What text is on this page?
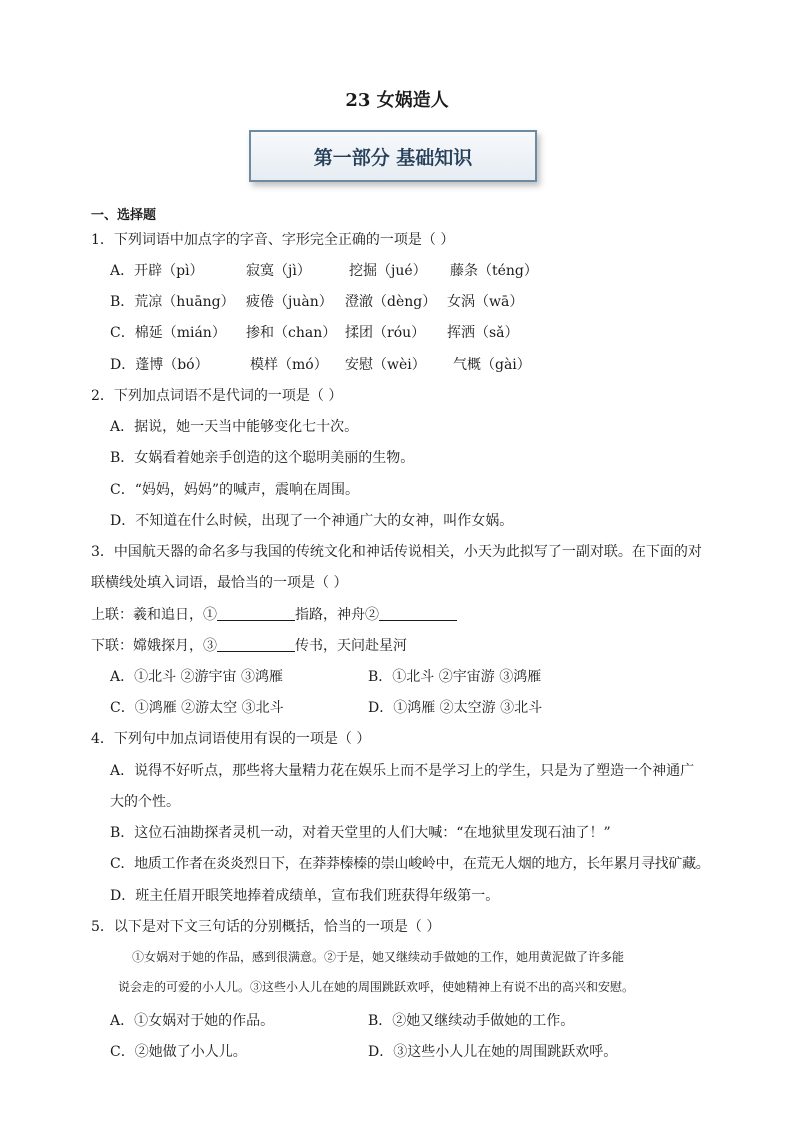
23 女娲造人
第一部分 基础知识
一、选择题
1．下列词语中加点字的字音、字形完全正确的一项是（ ）
A．开辟（pì）	寂寞（jì）	挖掘（jué） 藤条（téng）
B．荒凉（huāng） 疲倦（juàn） 澄澈（dèng） 女涡（wā）
C．棉延（mián） 掺和（chan） 揉团（róu） 挥洒（sǎ）
D．蓬博（bó）	模样（mó） 安慰（wèi） 气概（gài）
2．下列加点词语不是代词的一项是（ ）
A．据说，她一天当中能够变化七十次。
B．女娲看着她亲手创造的这个聪明美丽的生物。
C．“妈妈，妈妈”的喊声，震响在周围。
D．不知道在什么时候，出现了一个神通广大的女神，叫作女娲。
3．中国航天器的命名多与我国的传统文化和神话传说相关，小天为此拟写了一副对联。在下面的对
联横线处填入词语，最恰当的一项是（ ）
上联：羲和追日，①	指路，神舟②
下联：嫦娥探月，③	传书，天问赴星河
A．①北斗 ②游宇宙 ③鸿雁	B．①北斗 ②宇宙游 ③鸿雁
C．①鸿雁 ②游太空 ③北斗	D．①鸿雁 ②太空游 ③北斗
4．下列句中加点词语使用有误的一项是（ ）
A．说得不好听点，那些将大量精力花在娱乐上而不是学习上的学生，只是为了塑造一个神通广
大的个性。
B．这位石油勘探者灵机一动，对着天堂里的人们大喊：“在地狱里发现石油了！”
C．地质工作者在炎炎烈日下，在莽莽榛榛的崇山峻岭中，在荒无人烟的地方，长年累月寻找矿藏。
D．班主任眉开眼笑地捧着成绩单，宣布我们班获得年级第一。
5．以下是对下文三句话的分别概括，恰当的一项是（ ）
①女娲对于她的作品，感到很满意。②于是，她又继续动手做她的工作，她用黄泥做了许多能
说会走的可爱的小人儿。③这些小人儿在她的周围跳跃欢呼，使她精神上有说不出的高兴和安慰。
A．①女娲对于她的作品。	B．②她又继续动手做她的工作。
C．②她做了小人儿。	D．③这些小人儿在她的周围跳跃欢呼。
